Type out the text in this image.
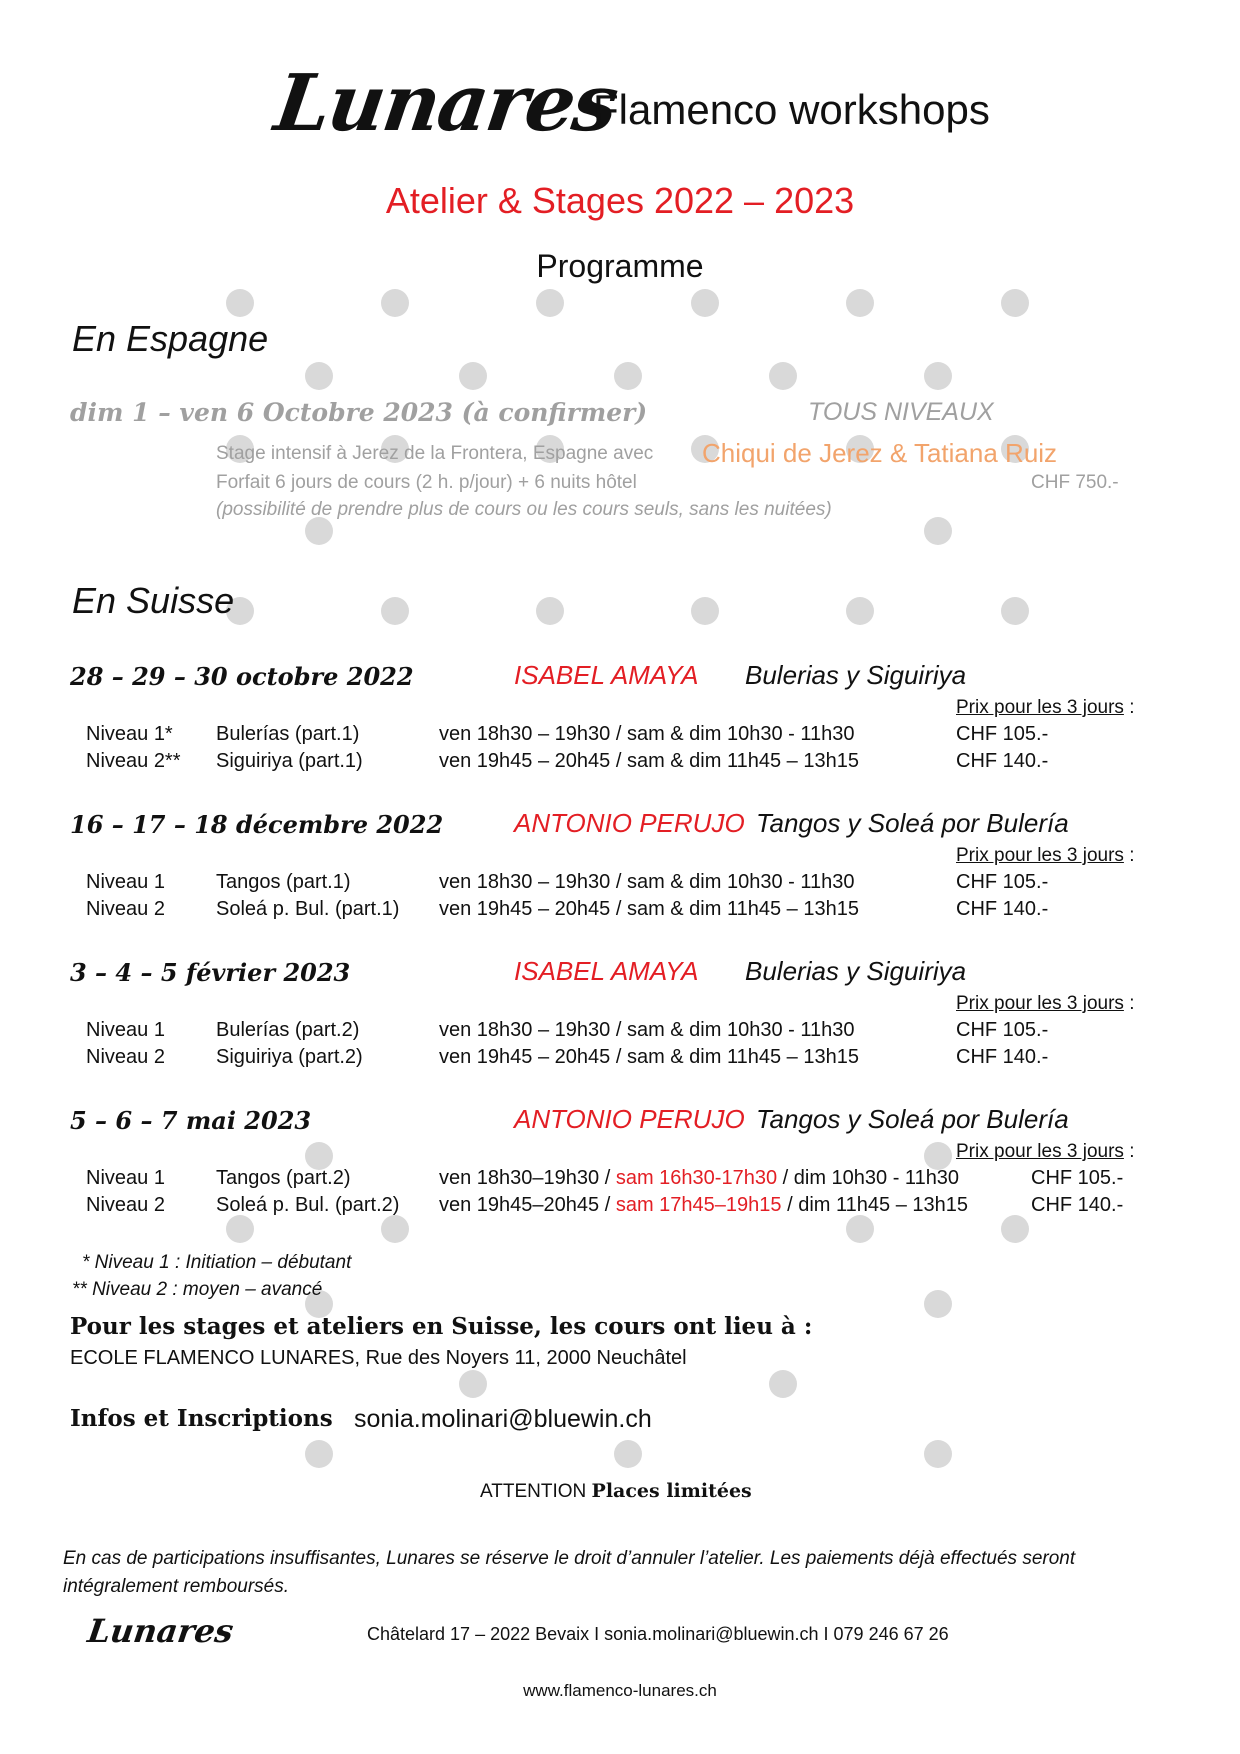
Lunares
Flamenco workshops
Atelier & Stages 2022 – 2023
Programme
En Espagne
dim 1 – ven 6 Octobre 2023 (à confirmer)	TOUS NIVEAUX
Stage intensif à Jerez de la Frontera, Espagne avec Chiqui de Jerez & Tatiana Ruiz
Forfait 6 jours de cours (2 h. p/jour) + 6 nuits hôtel	CHF 750.-
(possibilité de prendre plus de cours ou les cours seuls, sans les nuitées)
En Suisse
28 – 29 – 30 octobre 2022	ISABEL AMAYA Bulerias y Siguiriya
Prix pour les 3 jours :
Niveau 1* Bulerías (part.1)	ven 18h30 – 19h30 / sam & dim 10h30 - 11h30	CHF 105.-
Niveau 2** Siguiriya (part.1)	ven 19h45 – 20h45 / sam & dim 11h45 – 13h15	CHF 140.-
16 – 17 – 18 décembre 2022	ANTONIO PERUJO Tangos y Soleá por Bulería
Prix pour les 3 jours :
Niveau 1	Tangos (part.1)	ven 18h30 – 19h30 / sam & dim 10h30 - 11h30	CHF 105.-
Niveau 2	Soleá p. Bul. (part.1) ven 19h45 – 20h45 / sam & dim 11h45 – 13h15	CHF 140.-
3 – 4 – 5 février 2023	ISABEL AMAYA Bulerias y Siguiriya
Prix pour les 3 jours :
Niveau 1	Bulerías (part.2)	ven 18h30 – 19h30 / sam & dim 10h30 - 11h30	CHF 105.-
Niveau 2	Siguiriya (part.2)	ven 19h45 – 20h45 / sam & dim 11h45 – 13h15	CHF 140.-
5 – 6 – 7 mai 2023	ANTONIO PERUJO Tangos y Soleá por Bulería
Prix pour les 3 jours :
Niveau 1	Tangos (part.2)	ven 18h30–19h30 / sam 16h30-17h30 / dim 10h30 - 11h30	CHF 105.-
Niveau 2	Soleá p. Bul. (part.2) ven 19h45–20h45 / sam 17h45–19h15 / dim 11h45 – 13h15	CHF 140.-
* Niveau 1 : Initiation – débutant
** Niveau 2 : moyen – avancé
Pour les stages et ateliers en Suisse, les cours ont lieu à :
ECOLE FLAMENCO LUNARES, Rue des Noyers 11, 2000 Neuchâtel
Infos et Inscriptions sonia.molinari@bluewin.ch
ATTENTION Places limitées
En cas de participations insuffisantes, Lunares se réserve le droit d’annuler l’atelier. Les paiements déjà effectués seront intégralement remboursés.
Lunares	Châtelard 17 – 2022 Bevaix I sonia.molinari@bluewin.ch I 079 246 67 26
www.flamenco-lunares.ch
